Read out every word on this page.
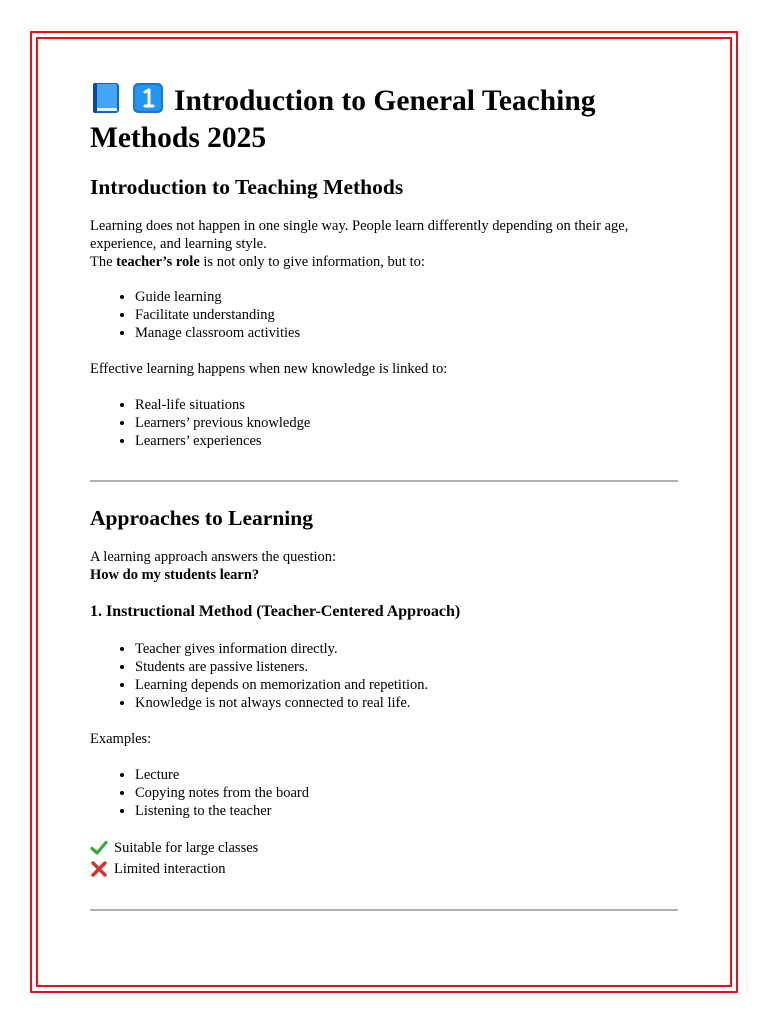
Introduction to General Teaching Methods 2025
Introduction to Teaching Methods

Learning does not happen in one single way. People learn differently depending on their age, experience, and learning style.

The teacher’s role is not only to give information, but to:

• Guide learning
• Facilitate understanding
• Manage classroom activities

Effective learning happens when new knowledge is linked to:

• Real-life situations
• Learners’ previous knowledge
• Learners’ experiences
Approaches to Learning

A learning approach answers the question:

How do my students learn?

1. Instructional Method (Teacher-Centered Approach)
• Teacher gives information directly.
• Students are passive listeners.
• Learning depends on memorization and repetition.
• Knowledge is not always connected to real life.

Examples:

• Lecture
• Copying notes from the board
• Listening to the teacher
Suitable for large classes
Limited interaction
